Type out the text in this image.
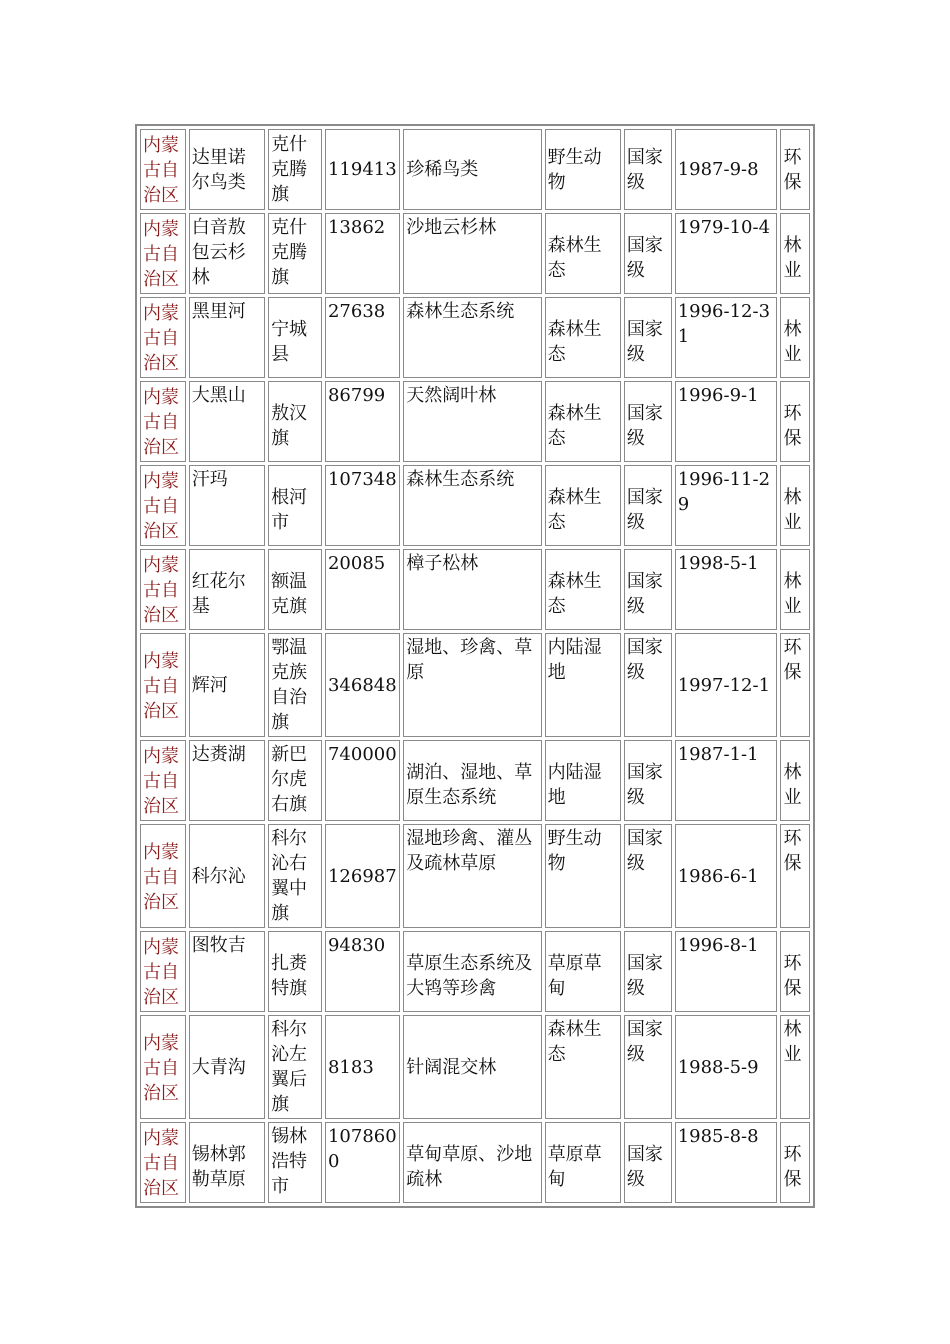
内蒙古自治区	达里诺尔鸟类	克什克腾旗	119413	珍稀鸟类	野生动物	国家级	1987-9-8	环保
内蒙古自治区	白音敖包云杉林	克什克腾旗	13862	沙地云杉林	森林生态	国家级	1979-10-4	林业
内蒙古自治区	黑里河	宁城县	27638	森林生态系统	森林生态	国家级	1996-12-31	林业
内蒙古自治区	大黑山	敖汉旗	86799	天然阔叶林	森林生态	国家级	1996-9-1	环保
内蒙古自治区	汗玛	根河市	107348	森林生态系统	森林生态	国家级	1996-11-29	林业
内蒙古自治区	红花尔基	额温克旗	20085	樟子松林	森林生态	国家级	1998-5-1	林业
内蒙古自治区	辉河	鄂温克族自治旗	346848	湿地、珍禽、草原	内陆湿地	国家级	1997-12-1	环保
内蒙古自治区	达赉湖	新巴尔虎右旗	740000	湖泊、湿地、草原生态系统	内陆湿地	国家级	1987-1-1	林业
内蒙古自治区	科尔沁	科尔沁右翼中旗	126987	湿地珍禽、灌丛及疏林草原	野生动物	国家级	1986-6-1	环保
内蒙古自治区	图牧吉	扎赉特旗	94830	草原生态系统及大鸨等珍禽	草原草甸	国家级	1996-8-1	环保
内蒙古自治区	大青沟	科尔沁左翼后旗	8183	针阔混交林	森林生态	国家级	1988-5-9	林业
内蒙古自治区	锡林郭勒草原	锡林浩特市	1078600	草甸草原、沙地疏林	草原草甸	国家级	1985-8-8	环保
